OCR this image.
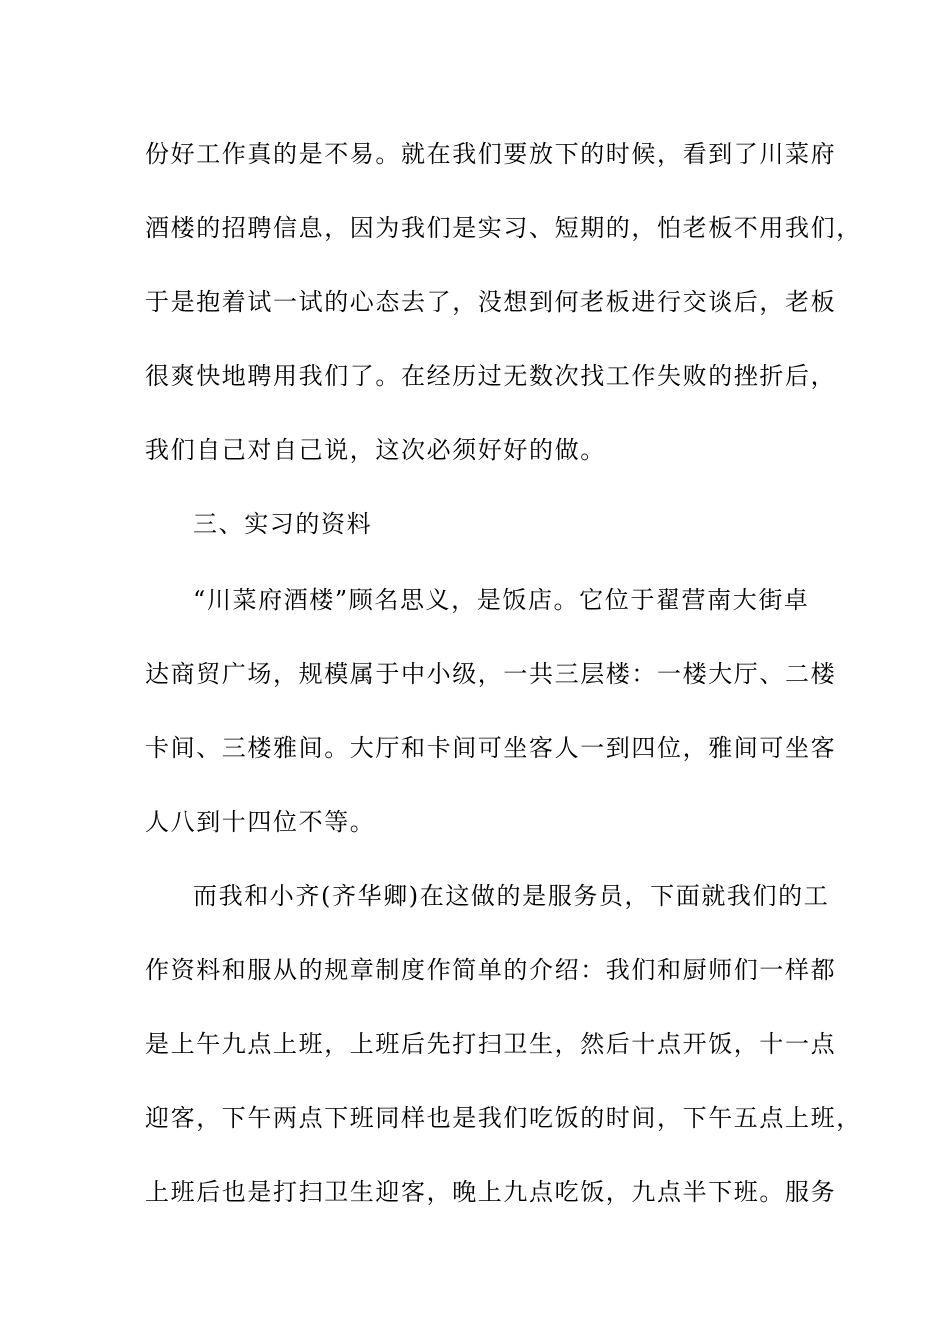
份好工作真的是不易。就在我们要放下的时候，看到了川菜府
酒楼的招聘信息，因为我们是实习、短期的，怕老板不用我们，
于是抱着试一试的心态去了，没想到何老板进行交谈后，老板
很爽快地聘用我们了。在经历过无数次找工作失败的挫折后，
我们自己对自己说，这次必须好好的做。
三、实习的资料
“川菜府酒楼”顾名思义，是饭店。它位于翟营南大街卓
达商贸广场，规模属于中小级，一共三层楼：一楼大厅、二楼
卡间、三楼雅间。大厅和卡间可坐客人一到四位，雅间可坐客
人八到十四位不等。
而我和小齐(齐华卿)在这做的是服务员，下面就我们的工
作资料和服从的规章制度作简单的介绍：我们和厨师们一样都
是上午九点上班，上班后先打扫卫生，然后十点开饭，十一点
迎客，下午两点下班同样也是我们吃饭的时间，下午五点上班，
上班后也是打扫卫生迎客，晚上九点吃饭，九点半下班。服务
